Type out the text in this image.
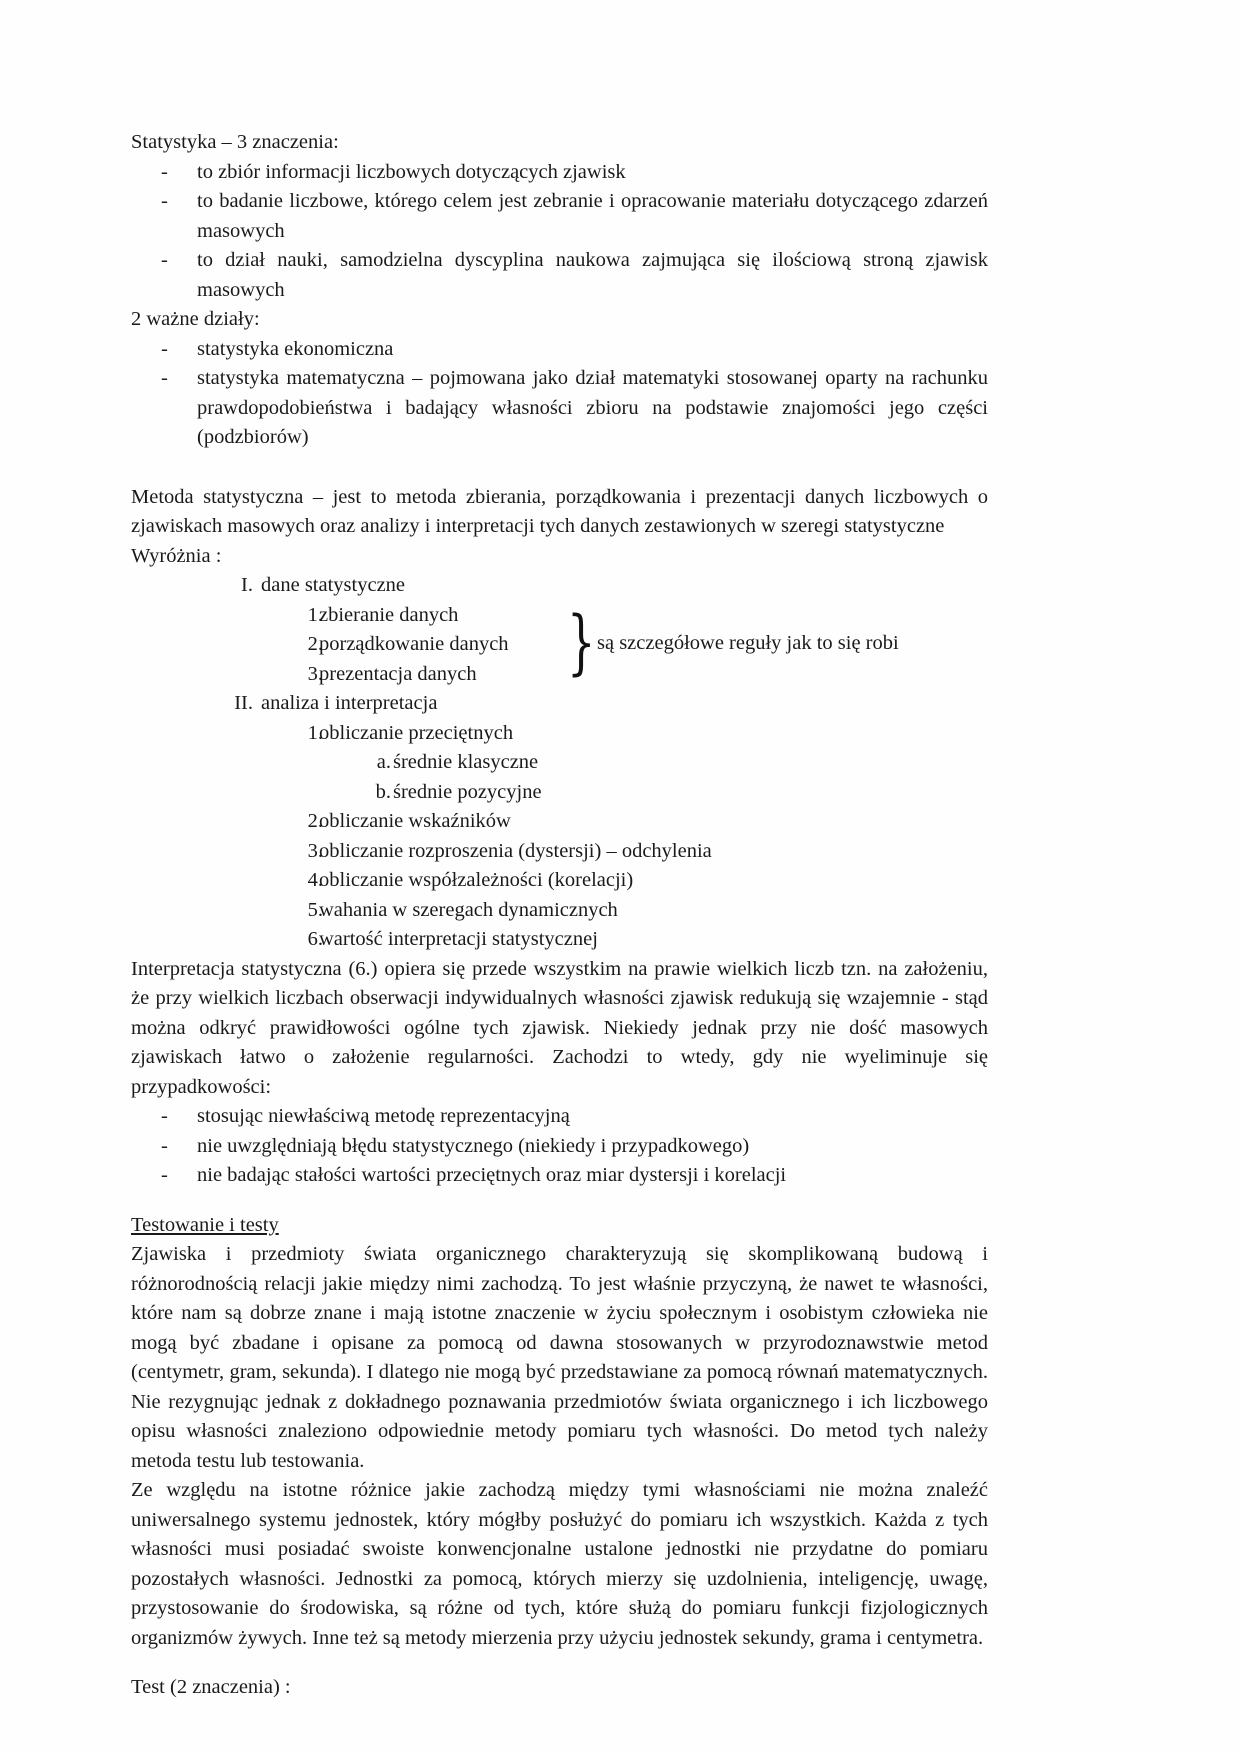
Statystyka – 3 znaczenia:
- to zbiór informacji liczbowych dotyczących zjawisk
- to badanie liczbowe, którego celem jest zebranie i opracowanie materiału dotyczącego zdarzeń masowych
- to dział nauki, samodzielna dyscyplina naukowa zajmująca się ilościową stroną zjawisk masowych
2 ważne działy:
- statystyka ekonomiczna
- statystyka matematyczna – pojmowana jako dział matematyki stosowanej oparty na rachunku prawdopodobieństwa i badający własności zbioru na podstawie znajomości jego części (podzbiorów)

Metoda statystyczna – jest to metoda zbierania, porządkowania i prezentacji danych liczbowych o zjawiskach masowych oraz analizy i interpretacji tych danych zestawionych w szeregi statystyczne

Wyróżnia :
I. dane statystyczne
1.
zbieranie danych
2.
porządkowanie danych
3.
prezentacja danych	} są szczegółowe reguły jak to się robi
II. analiza i interpretacja
1.
obliczanie przeciętnych
a. średnie klasyczne
b. średnie pozycyjne
2.
obliczanie wskaźników
3.
obliczanie rozproszenia (dystersji) – odchylenia
4.
obliczanie współzależności (korelacji)
5.
wahania w szeregach dynamicznych
6.
wartość interpretacji statystycznej

Interpretacja statystyczna (6.) opiera się przede wszystkim na prawie wielkich liczb tzn. na założeniu, że przy wielkich liczbach obserwacji indywidualnych własności zjawisk redukują się wzajemnie - stąd można odkryć prawidłowości ogólne tych zjawisk. Niekiedy jednak przy nie dość masowych zjawiskach łatwo o założenie regularności. Zachodzi to wtedy, gdy nie wyeliminuje się przypadkowości:

- stosując niewłaściwą metodę reprezentacyjną
- nie uwzględniają błędu statystycznego (niekiedy i przypadkowego)
- nie badając stałości wartości przeciętnych oraz miar dystersji i korelacji
Testowanie i testy

Zjawiska i przedmioty świata organicznego charakteryzują się skomplikowaną budową i różnorodnością relacji jakie między nimi zachodzą. To jest właśnie przyczyną, że nawet te własności, które nam są dobrze znane i mają istotne znaczenie w życiu społecznym i osobistym człowieka nie mogą być zbadane i opisane za pomocą od dawna stosowanych w przyrodoznawstwie metod (centymetr, gram, sekunda). I dlatego nie mogą być przedstawiane za pomocą równań matematycznych. Nie rezygnując jednak z dokładnego poznawania przedmiotów świata organicznego i ich liczbowego opisu własności znaleziono odpowiednie metody pomiaru tych własności. Do metod tych należy metoda testu lub testowania.

Ze względu na istotne różnice jakie zachodzą między tymi własnościami nie można znaleźć uniwersalnego systemu jednostek, który mógłby posłużyć do pomiaru ich wszystkich. Każda z tych własności musi posiadać swoiste konwencjonalne ustalone jednostki nie przydatne do pomiaru pozostałych własności. Jednostki za pomocą, których mierzy się uzdolnienia, inteligencję, uwagę, przystosowanie do środowiska, są różne od tych, które służą do pomiaru funkcji fizjologicznych organizmów żywych. Inne też są metody mierzenia przy użyciu jednostek sekundy, grama i centymetra.

Test (2 znaczenia) :
